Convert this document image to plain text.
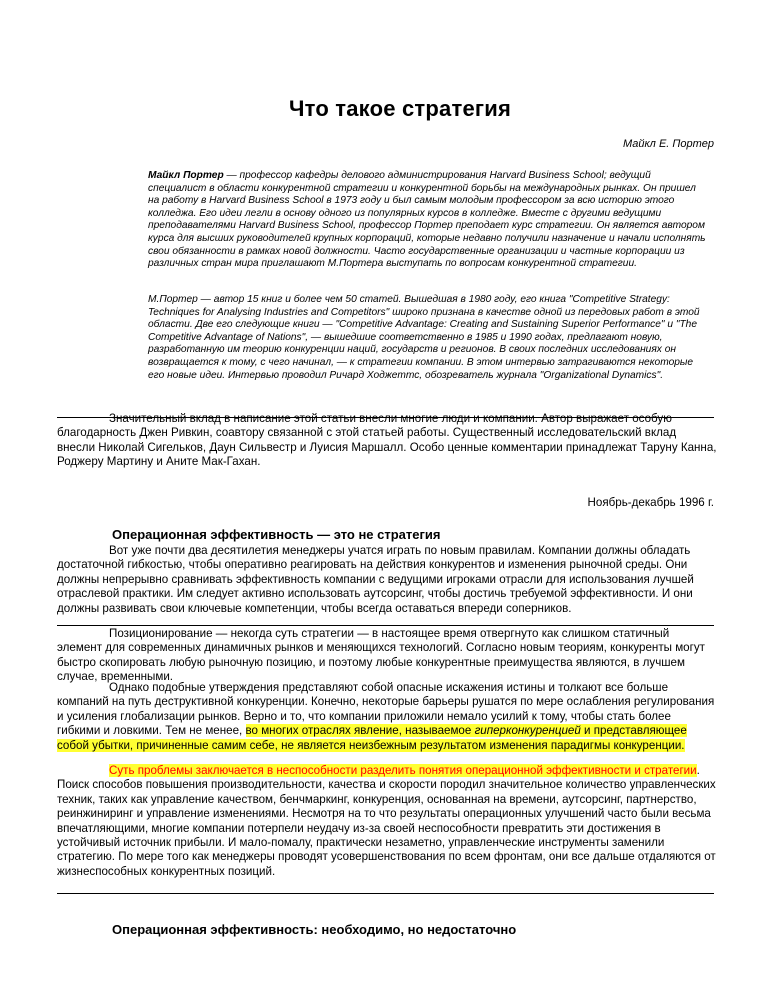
Что такое стратегия
Майкл Е. Портер

Майкл Портер — профессор кафедры делового администрирования Harvard Business School; ведущий специалист в области конкурентной стратегии и конкурентной борьбы на международных рынках. Он пришел на работу в Harvard Business School в 1973 году и был самым молодым профессором за всю историю этого колледжа. Его идеи легли в основу одного из популярных курсов в колледже. Вместе с другими ведущими преподавателями Harvard Business School, профессор Портер преподает курс стратегии. Он является автором курса для высших руководителей крупных корпораций, которые недавно получили назначение и начали исполнять свои обязанности в рамках новой должности. Часто государственные организации и частные корпорации из различных стран мира приглашают М.Портера выступать по вопросам конкурентной стратегии.

М.Портер — автор 15 книг и более чем 50 статей. Вышедшая в 1980 году, его книга "Competitive Strategy: Techniques for Analysing Industries and Competitors" широко признана в качестве одной из передовых работ в этой области. Две его следующие книги — "Competitive Advantage: Creating and Sustaining Superior Performance" и "The Competitive Advantage of Nations", — вышедшие соответственно в 1985 и 1990 годах, предлагают новую, разработанную им теорию конкуренции наций, государств и регионов. В своих последних исследованиях он возвращается к тому, с чего начинал, — к стратегии компании. В этом интервью затрагиваются некоторые его новые идеи. Интервью проводил Ричард Ходжеттс, обозреватель журнала "Organizational Dynamics".

Значительный вклад в написание этой статьи внесли многие люди и компании. Автор выражает особую благодарность Джен Ривкин, соавтору связанной с этой статьей работы. Существенный исследовательский вклад внесли Николай Сигельков, Даун Сильвестр и Луисия Маршалл. Особо ценные комментарии принадлежат Таруну Канна, Роджеру Мартину и Аните Мак-Гахан.

Ноябрь-декабрь 1996 г.
Операционная эффективность — это не стратегия

Вот уже почти два десятилетия менеджеры учатся играть по новым правилам. Компании должны обладать достаточной гибкостью, чтобы оперативно реагировать на действия конкурентов и изменения рыночной среды. Они должны непрерывно сравнивать эффективность компании с ведущими игроками отрасли для использования лучшей отраслевой практики. Им следует активно использовать аутсорсинг, чтобы достичь требуемой эффективности. И они должны развивать свои ключевые компетенции, чтобы всегда оставаться впереди соперников.

Позиционирование — некогда суть стратегии — в настоящее время отвергнуто как слишком статичный элемент для современных динамичных рынков и меняющихся технологий. Согласно новым теориям, конкуренты могут быстро скопировать любую рыночную позицию, и поэтому любые конкурентные преимущества являются, в лучшем случае, временными.

Однако подобные утверждения представляют собой опасные искажения истины и толкают все больше компаний на путь деструктивной конкуренции. Конечно, некоторые барьеры рушатся по мере ослабления регулирования и усиления глобализации рынков. Верно и то, что компании приложили немало усилий к тому, чтобы стать более гибкими и ловкими. Тем не менее, во многих отраслях явление, называемое гиперконкуренцией и представляющее собой убытки, причиненные самим себе, не является неизбежным результатом изменения парадигмы конкуренции.

Суть проблемы заключается в неспособности разделить понятия операционной эффективности и стратегии. Поиск способов повышения производительности, качества и скорости породил значительное количество управленческих техник, таких как управление качеством, бенчмаркинг, конкуренция, основанная на времени, аутсорсинг, партнерство, реинжиниринг и управление изменениями. Несмотря на то что результаты операционных улучшений часто были весьма впечатляющими, многие компании потерпели неудачу из-за своей неспособности превратить эти достижения в устойчивый источник прибыли. И мало-помалу, практически незаметно, управленческие инструменты заменили стратегию. По мере того как менеджеры проводят усовершенствования по всем фронтам, они все дальше отдаляются от жизнеспособных конкурентных позиций.

Операционная эффективность: необходимо, но недостаточно
